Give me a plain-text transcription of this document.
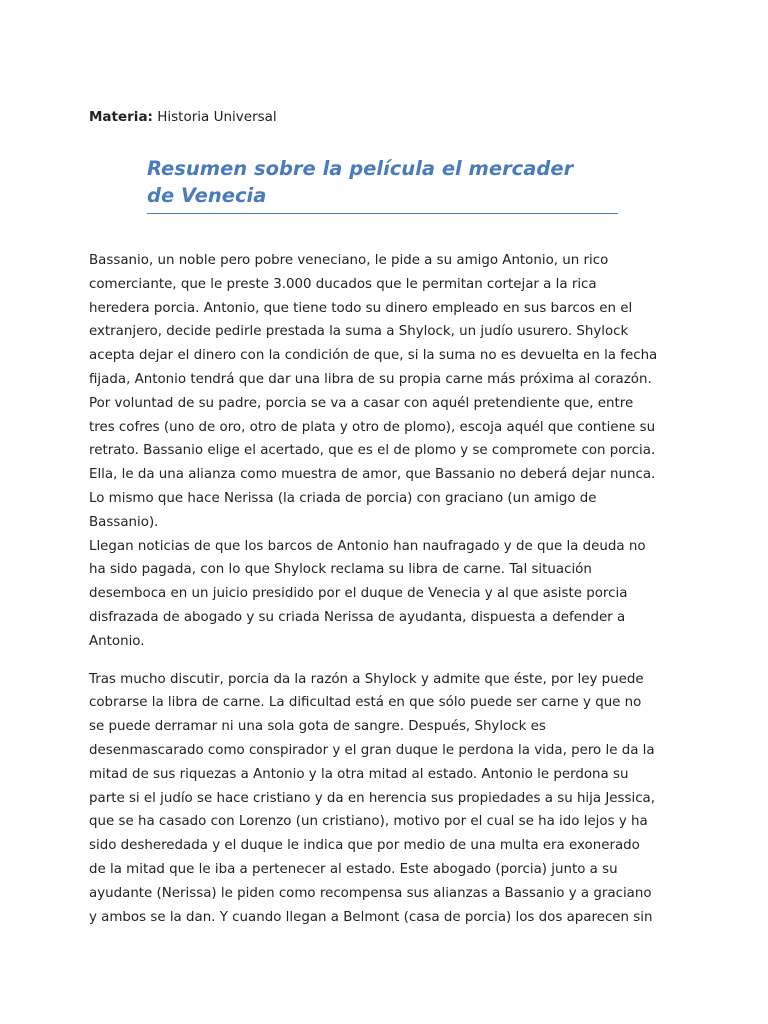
Materia: Historia Universal
Resumen sobre la película el mercader
de Venecia
Bassanio, un noble pero pobre veneciano, le pide a su amigo Antonio, un rico
comerciante, que le preste 3.000 ducados que le permitan cortejar a la rica
heredera porcia. Antonio, que tiene todo su dinero empleado en sus barcos en el
extranjero, decide pedirle prestada la suma a Shylock, un judío usurero. Shylock
acepta dejar el dinero con la condición de que, si la suma no es devuelta en la fecha
fijada, Antonio tendrá que dar una libra de su propia carne más próxima al corazón.
Por voluntad de su padre, porcia se va a casar con aquél pretendiente que, entre
tres cofres (uno de oro, otro de plata y otro de plomo), escoja aquél que contiene su
retrato. Bassanio elige el acertado, que es el de plomo y se compromete con porcia.
Ella, le da una alianza como muestra de amor, que Bassanio no deberá dejar nunca.
Lo mismo que hace Nerissa (la criada de porcia) con graciano (un amigo de
Bassanio).
Llegan noticias de que los barcos de Antonio han naufragado y de que la deuda no
ha sido pagada, con lo que Shylock reclama su libra de carne. Tal situación
desemboca en un juicio presidido por el duque de Venecia y al que asiste porcia
disfrazada de abogado y su criada Nerissa de ayudanta, dispuesta a defender a
Antonio.
Tras mucho discutir, porcia da la razón a Shylock y admite que éste, por ley puede
cobrarse la libra de carne. La dificultad está en que sólo puede ser carne y que no
se puede derramar ni una sola gota de sangre. Después, Shylock es
desenmascarado como conspirador y el gran duque le perdona la vida, pero le da la
mitad de sus riquezas a Antonio y la otra mitad al estado. Antonio le perdona su
parte si el judío se hace cristiano y da en herencia sus propiedades a su hija Jessica,
que se ha casado con Lorenzo (un cristiano), motivo por el cual se ha ido lejos y ha
sido desheredada y el duque le indica que por medio de una multa era exonerado
de la mitad que le iba a pertenecer al estado. Este abogado (porcia) junto a su
ayudante (Nerissa) le piden como recompensa sus alianzas a Bassanio y a graciano
y ambos se la dan. Y cuando llegan a Belmont (casa de porcia) los dos aparecen sin
